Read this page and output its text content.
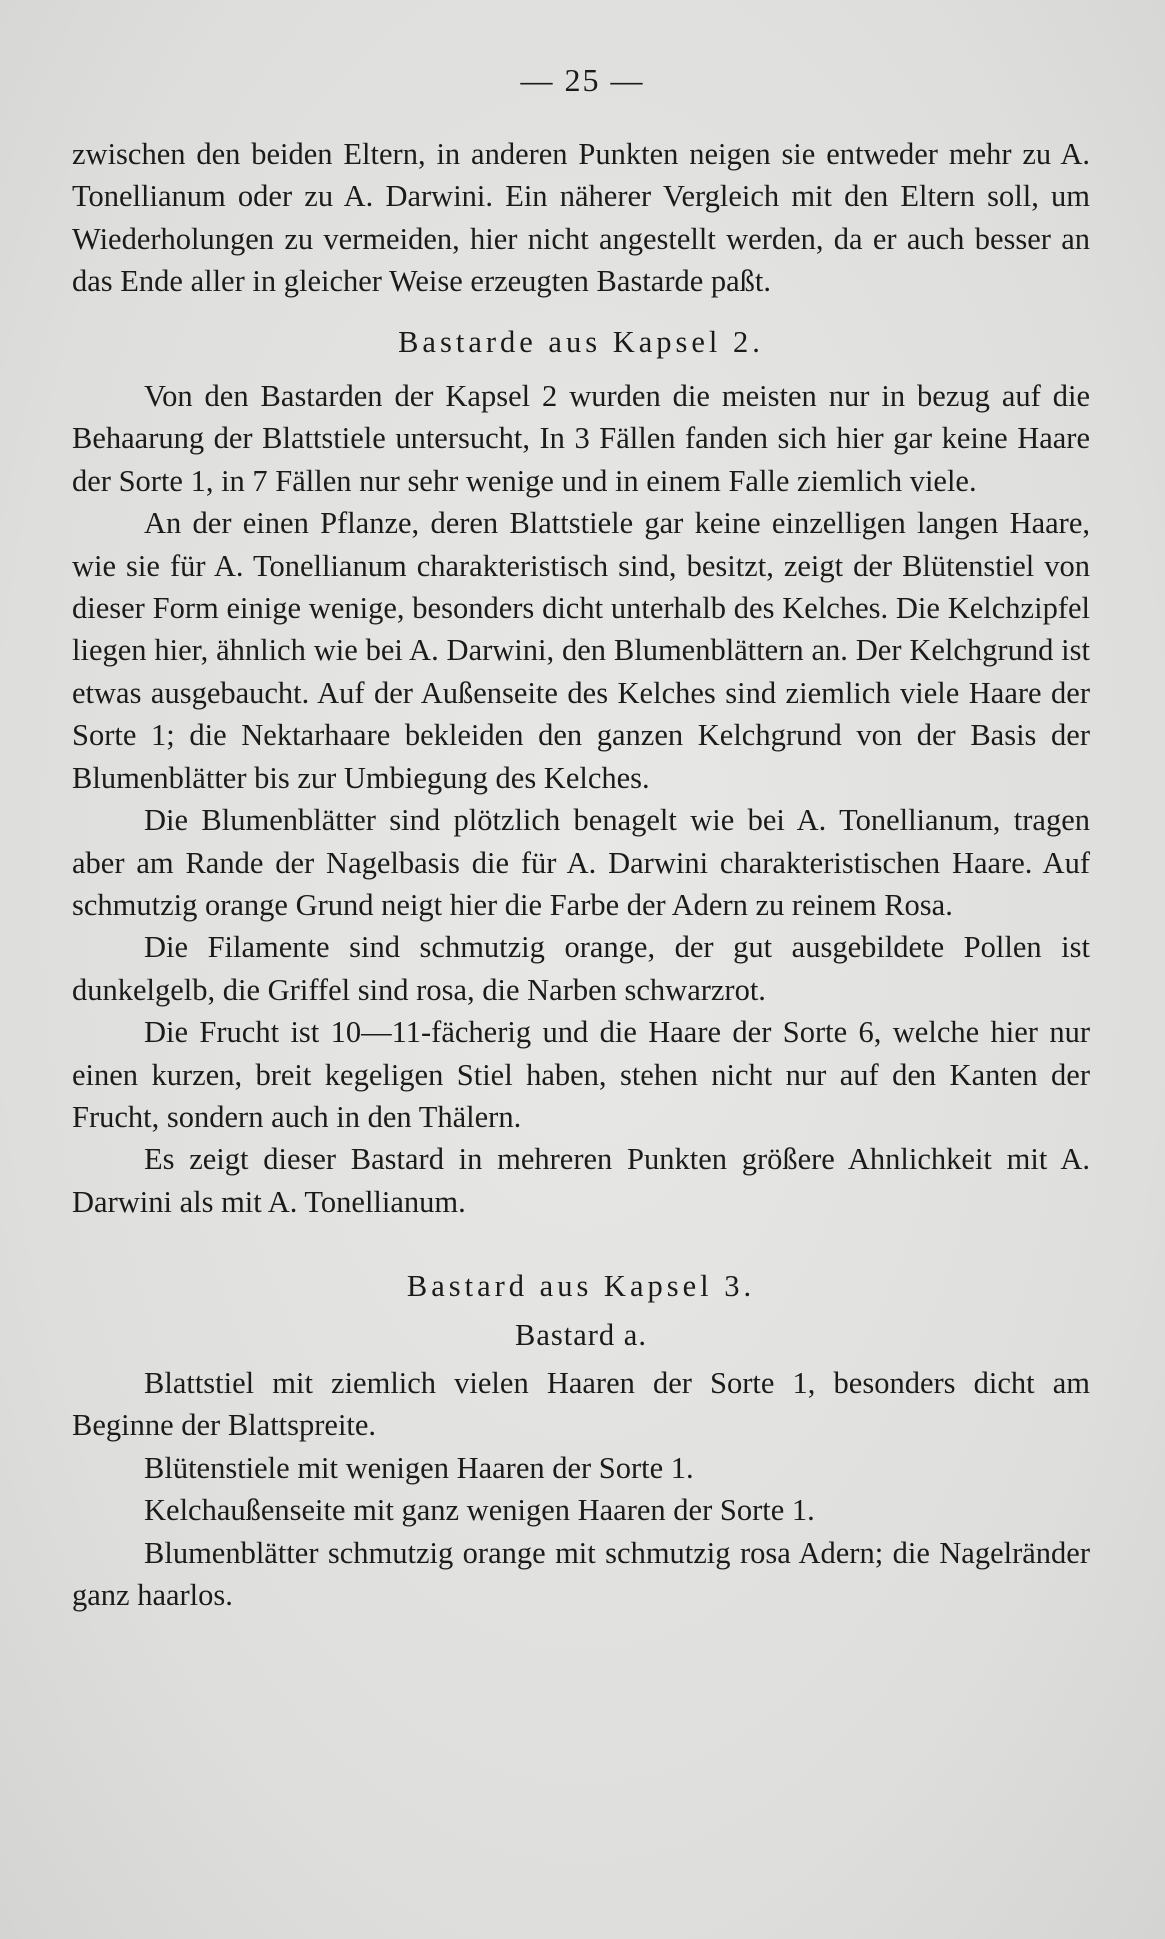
— 25 —

zwischen den beiden Eltern, in anderen Punkten neigen sie entweder mehr zu A. Tonellianum oder zu A. Darwini. Ein näherer Vergleich mit den Eltern soll, um Wiederholungen zu vermeiden, hier nicht angestellt werden, da er auch besser an das Ende aller in gleicher Weise erzeugten Bastarde paßt.

Bastarde aus Kapsel 2.

Von den Bastarden der Kapsel 2 wurden die meisten nur in bezug auf die Behaarung der Blattstiele untersucht, In 3 Fällen fanden sich hier gar keine Haare der Sorte 1, in 7 Fällen nur sehr wenige und in einem Falle ziemlich viele.

An der einen Pflanze, deren Blattstiele gar keine einzelligen langen Haare, wie sie für A. Tonellianum charakteristisch sind, besitzt, zeigt der Blütenstiel von dieser Form einige wenige, besonders dicht unterhalb des Kelches. Die Kelchzipfel liegen hier, ähnlich wie bei A. Darwini, den Blumenblättern an. Der Kelchgrund ist etwas ausgebaucht. Auf der Außenseite des Kelches sind ziemlich viele Haare der Sorte 1; die Nektarhaare bekleiden den ganzen Kelchgrund von der Basis der Blumenblätter bis zur Umbiegung des Kelches.

Die Blumenblätter sind plötzlich benagelt wie bei A. Tonellianum, tragen aber am Rande der Nagelbasis die für A. Darwini charakteristischen Haare. Auf schmutzig orange Grund neigt hier die Farbe der Adern zu reinem Rosa.

Die Filamente sind schmutzig orange, der gut ausgebildete Pollen ist dunkelgelb, die Griffel sind rosa, die Narben schwarzrot.

Die Frucht ist 10—11-fächerig und die Haare der Sorte 6, welche hier nur einen kurzen, breit kegeligen Stiel haben, stehen nicht nur auf den Kanten der Frucht, sondern auch in den Thälern.

Es zeigt dieser Bastard in mehreren Punkten größere Ahnlichkeit mit A. Darwini als mit A. Tonellianum.

Bastard aus Kapsel 3.
Bastard a.

Blattstiel mit ziemlich vielen Haaren der Sorte 1, besonders dicht am Beginne der Blattspreite.

Blütenstiele mit wenigen Haaren der Sorte 1.

Kelchaußenseite mit ganz wenigen Haaren der Sorte 1.

Blumenblätter schmutzig orange mit schmutzig rosa Adern; die Nagelränder ganz haarlos.
